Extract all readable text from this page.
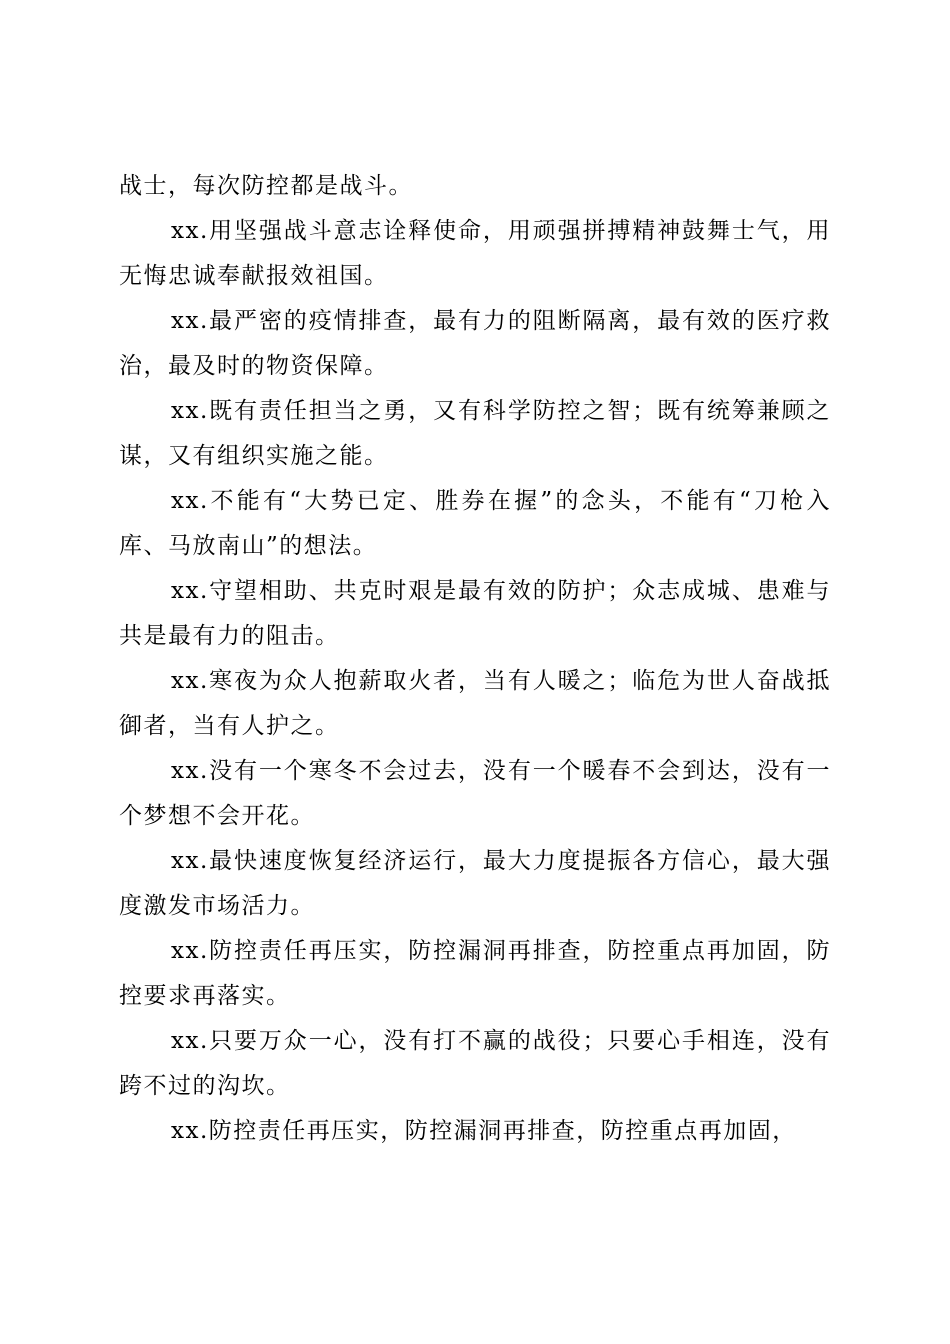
战士，每次防控都是战斗。

xx.用坚强战斗意志诠释使命，用顽强拼搏精神鼓舞士气，用无悔忠诚奉献报效祖国。

xx.最严密的疫情排查，最有力的阻断隔离，最有效的医疗救治，最及时的物资保障。

xx.既有责任担当之勇，又有科学防控之智；既有统筹兼顾之谋，又有组织实施之能。

xx.不能有“大势已定、胜券在握”的念头，不能有“刀枪入库、马放南山”的想法。

xx.守望相助、共克时艰是最有效的防护；众志成城、患难与共是最有力的阻击。

xx.寒夜为众人抱薪取火者，当有人暖之；临危为世人奋战抵御者，当有人护之。

xx.没有一个寒冬不会过去，没有一个暖春不会到达，没有一个梦想不会开花。

xx.最快速度恢复经济运行，最大力度提振各方信心，最大强度激发市场活力。

xx.防控责任再压实，防控漏洞再排查，防控重点再加固，防控要求再落实。

xx.只要万众一心，没有打不赢的战役；只要心手相连，没有跨不过的沟坎。

xx.防控责任再压实，防控漏洞再排查，防控重点再加固，
